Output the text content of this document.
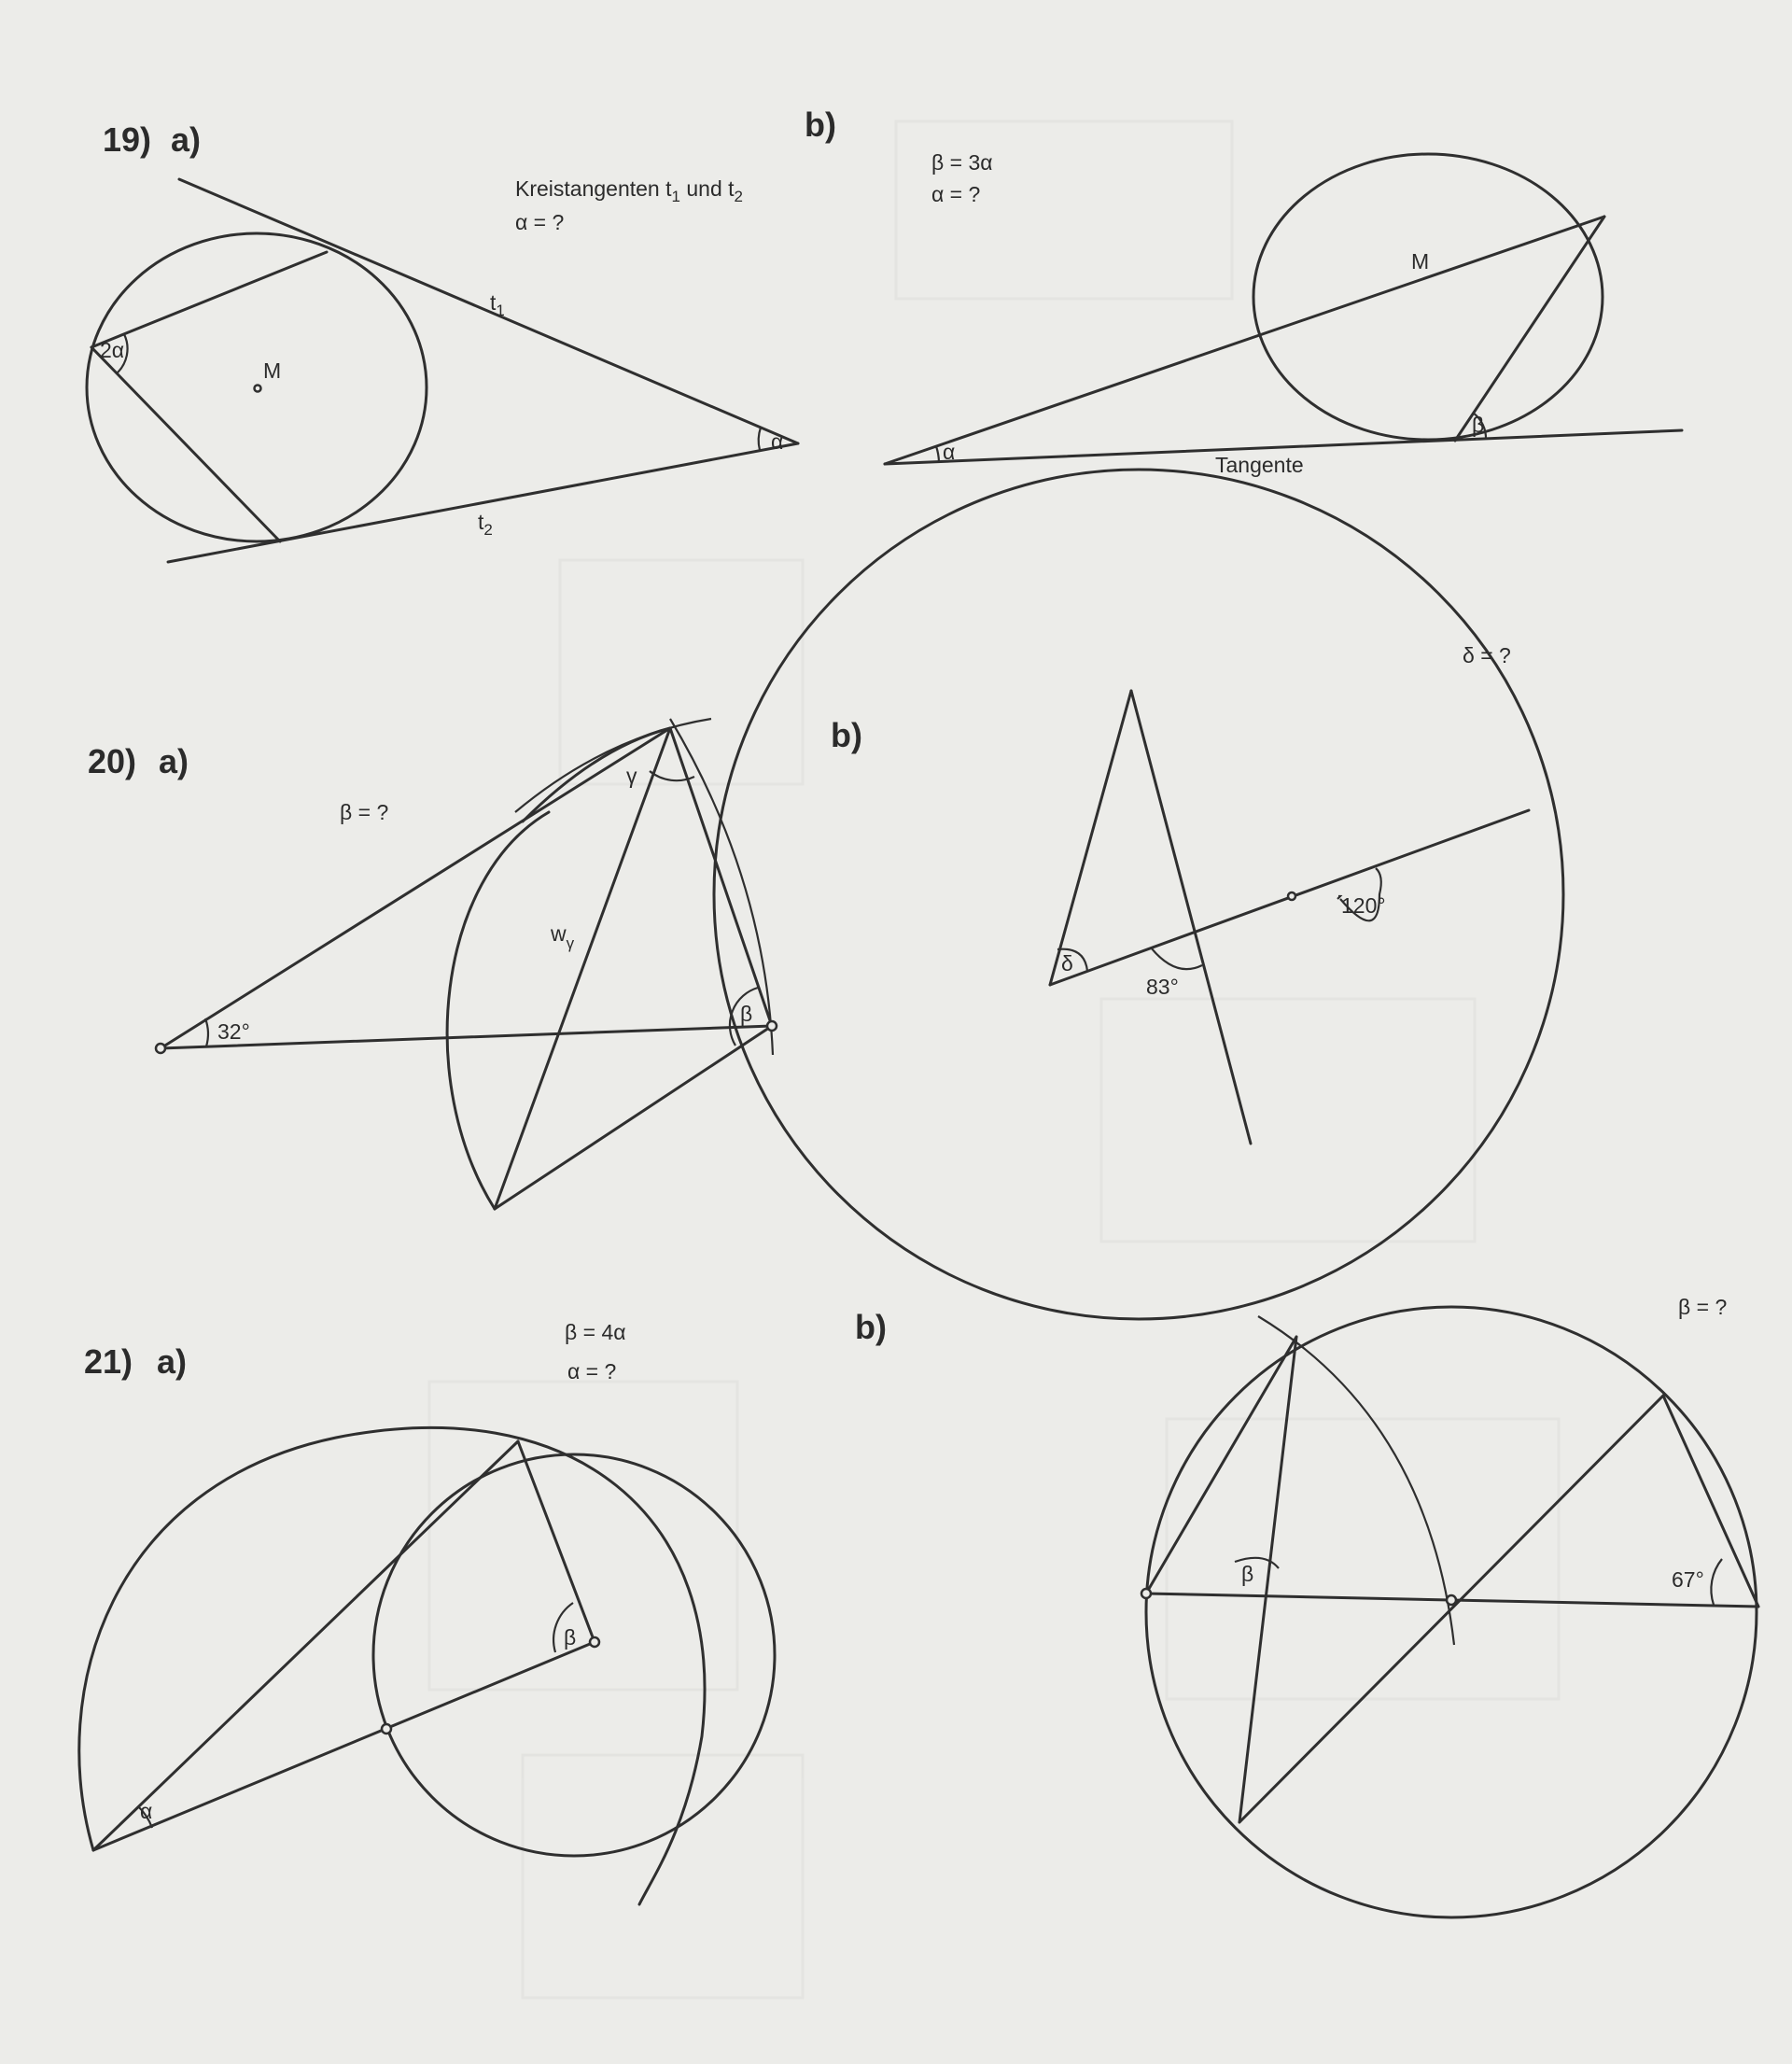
19) a)
Kreistangenten $t_1$ und $t_2$
α = ?
M
2α
α
$t_1$
$t_2$
b)
β = 3α
α = ?
α
β
M
Tangente
20) a)
β = ?
32°
γ
β
$w_\gamma$
b)
δ = ?
120°
83°
δ
21) a)
β = 4α
α = ?
α
β
b)
β = ?
β	67°
